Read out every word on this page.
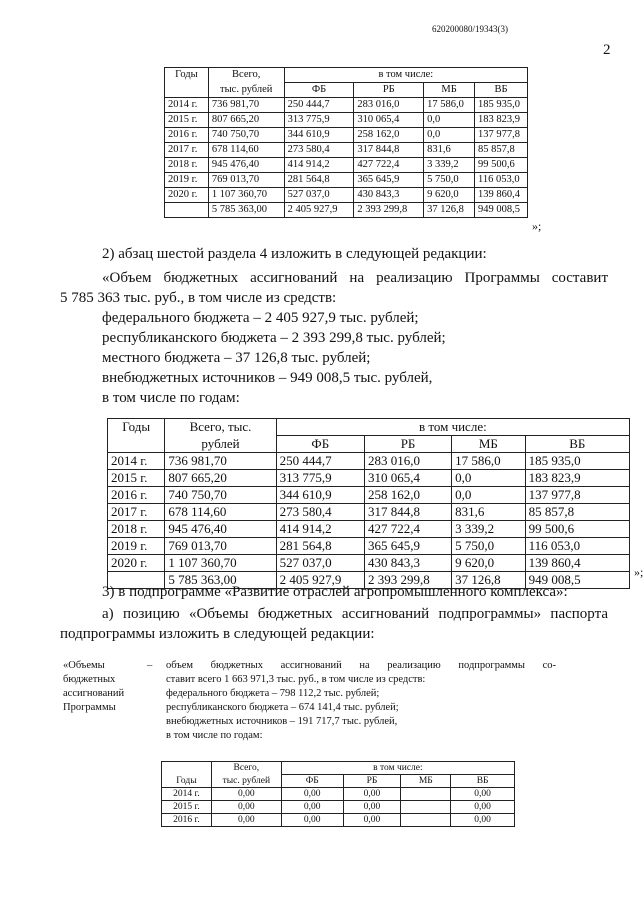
620200080/19343(3)
2
Годы	Всего,	в том числе:			
	тыс. рублей	ФБ	РБ	МБ	ВБ
2014 г.	736 981,70	250 444,7	283 016,0	17 586,0	185 935,0
2015 г.	807 665,20	313 775,9	310 065,4	0,0	183 823,9
2016 г.	740 750,70	344 610,9	258 162,0	0,0	137 977,8
2017 г.	678 114,60	273 580,4	317 844,8	831,6	85 857,8
2018 г.	945 476,40	414 914,2	427 722,4	3 339,2	99 500,6
2019 г.	769 013,70	281 564,8	365 645,9	5 750,0	116 053,0
2020 г.	1 107 360,70	527 037,0	430 843,3	9 620,0	139 860,4
	5 785 363,00	2 405 927,9	2 393 299,8	37 126,8	949 008,5
»;
2) абзац шестой раздела 4 изложить в следующей редакции:
«Объем бюджетных ассигнований на реализацию Программы составит
5 785 363 тыс. руб., в том числе из средств:
федерального бюджета – 2 405 927,9 тыс. рублей;
республиканского бюджета – 2 393 299,8 тыс. рублей;
местного бюджета – 37 126,8 тыс. рублей;
внебюджетных источников – 949 008,5 тыс. рублей,
в том числе по годам:
Годы	Всего, тыс.	в том числе:			
	рублей	ФБ	РБ	МБ	ВБ
2014 г.	736 981,70	250 444,7	283 016,0	17 586,0	185 935,0
2015 г.	807 665,20	313 775,9	310 065,4	0,0	183 823,9
2016 г.	740 750,70	344 610,9	258 162,0	0,0	137 977,8
2017 г.	678 114,60	273 580,4	317 844,8	831,6	85 857,8
2018 г.	945 476,40	414 914,2	427 722,4	3 339,2	99 500,6
2019 г.	769 013,70	281 564,8	365 645,9	5 750,0	116 053,0
2020 г.	1 107 360,70	527 037,0	430 843,3	9 620,0	139 860,4
	5 785 363,00	2 405 927,9	2 393 299,8	37 126,8	949 008,5	»;
3) в подпрограмме «Развитие отраслей агропромышленного комплекса»:
а) позицию «Объемы бюджетных ассигнований подпрограммы» паспорта
подпрограммы изложить в следующей редакции:
«Объемы
бюджетных
ассигнований
Программы
– объем бюджетных ассигнований на реализацию подпрограммы со-
ставит всего 1 663 971,3 тыс. руб., в том числе из средств:
федерального бюджета – 798 112,2 тыс. рублей;
республиканского бюджета – 674 141,4 тыс. рублей;
внебюджетных источников – 191 717,7 тыс. рублей,
в том числе по годам:
	Всего,	в том числе:			
Годы	тыс. рублей	ФБ	РБ	МБ	ВБ
2014 г.	0,00	0,00	0,00		0,00
2015 г.	0,00	0,00	0,00		0,00
2016 г.	0,00	0,00	0,00		0,00
